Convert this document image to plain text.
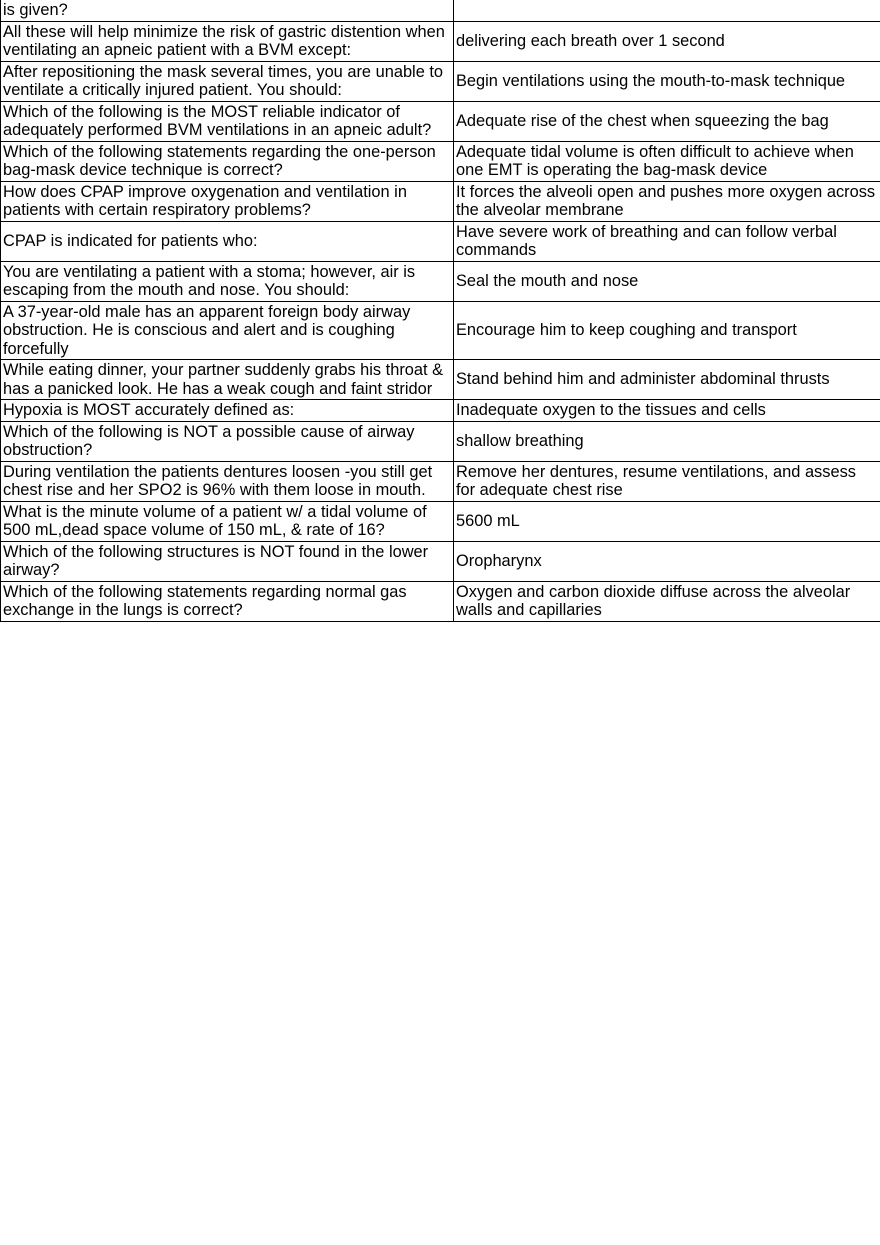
is given?	
All these will help minimize the risk of gastric distention when ventilating an apneic patient with a BVM except:	delivering each breath over 1 second
After repositioning the mask several times, you are unable to ventilate a critically injured patient. You should:	Begin ventilations using the mouth-to-mask technique
Which of the following is the MOST reliable indicator of adequately performed BVM ventilations in an apneic adult?	Adequate rise of the chest when squeezing the bag
Which of the following statements regarding the one-person bag-mask device technique is correct?	Adequate tidal volume is often difficult to achieve when one EMT is operating the bag-mask device
How does CPAP improve oxygenation and ventilation in patients with certain respiratory problems?	It forces the alveoli open and pushes more oxygen across the alveolar membrane
CPAP is indicated for patients who:	Have severe work of breathing and can follow verbal commands
You are ventilating a patient with a stoma; however, air is escaping from the mouth and nose. You should:	Seal the mouth and nose
A 37-year-old male has an apparent foreign body airway obstruction. He is conscious and alert and is coughing forcefully	Encourage him to keep coughing and transport
While eating dinner, your partner suddenly grabs his throat & has a panicked look. He has a weak cough and faint stridor	Stand behind him and administer abdominal thrusts
Hypoxia is MOST accurately defined as:	Inadequate oxygen to the tissues and cells
Which of the following is NOT a possible cause of airway obstruction?	shallow breathing
During ventilation the patients dentures loosen -you still get chest rise and her SPO2 is 96% with them loose in mouth.	Remove her dentures, resume ventilations, and assess for adequate chest rise
What is the minute volume of a patient w/ a tidal volume of 500 mL,dead space volume of 150 mL, & rate of 16?	5600 mL
Which of the following structures is NOT found in the lower airway?	Oropharynx
Which of the following statements regarding normal gas exchange in the lungs is correct?	Oxygen and carbon dioxide diffuse across the alveolar walls and capillaries
